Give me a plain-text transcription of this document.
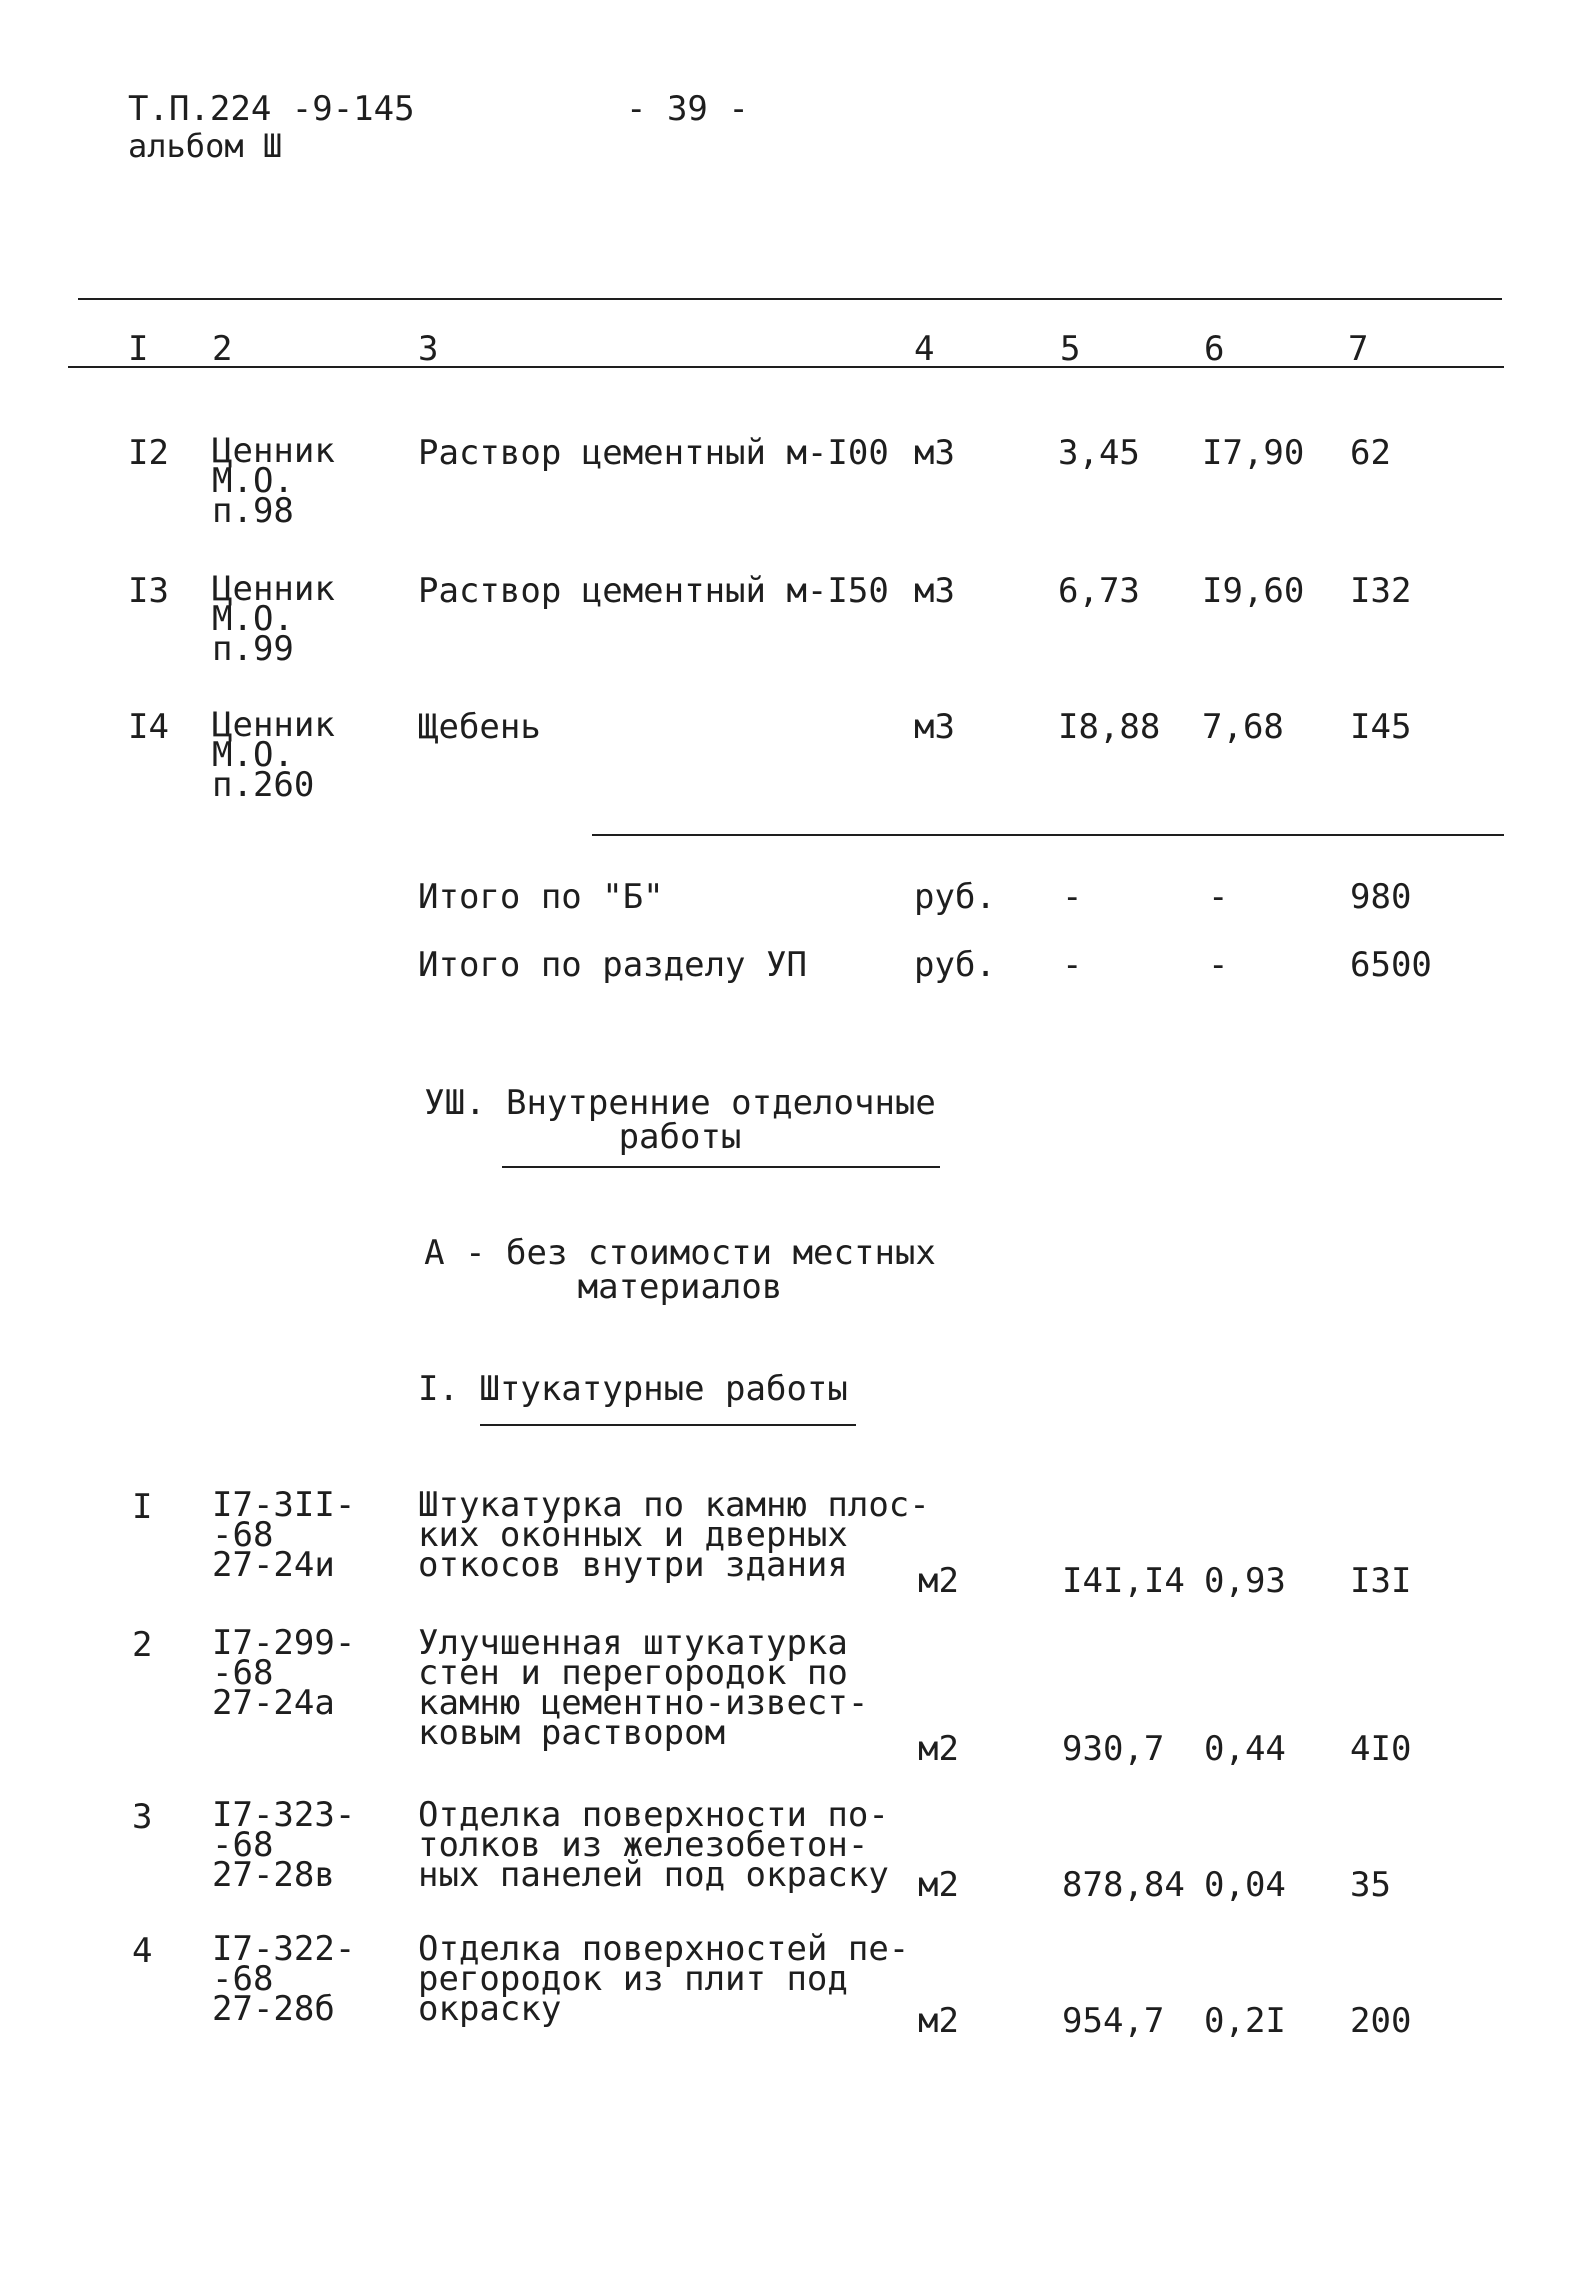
Т.П.224 -9-145
альбом Ш
- 39 -
I 2	3	4	5	6	7
I2 Ценник
М.О.
п.98
Раствор цементный м-I00 м3	3,45 I7,90 62
I3 Ценник
М.О.
п.99
Раствор цементный м-I50 м3	6,73 I9,60 I32
I4 Ценник
М.О.
п.260
Щебень	м3	I8,88 7,68 I45
Итого по "Б"	руб. -	-	980
Итого по разделу УП	руб. -	-	6500
УШ. Внутренние отделочные
работы
А - без стоимости местных
материалов
I. Штукатурные работы
I I7-3II-
-68
27-24и
Штукатурка по камню плос-
ких оконных и дверных
откосов внутри здания	м2	I4I,I4 0,93 I3I
2 I7-299-
-68
27-24а
Улучшенная штукатурка
стен и перегородок по
камню цементно-извест-
ковым раствором	м2	930,7 0,44 4I0
3 I7-323-
-68
27-28в
Отделка поверхности по-
толков из железобетон-
ных панелей под окраску м2	878,84 0,04 35
4 I7-322-
-68
27-28б
Отделка поверхностей пе-
регородок из плит под
окраску	м2	954,7 0,2I 200
